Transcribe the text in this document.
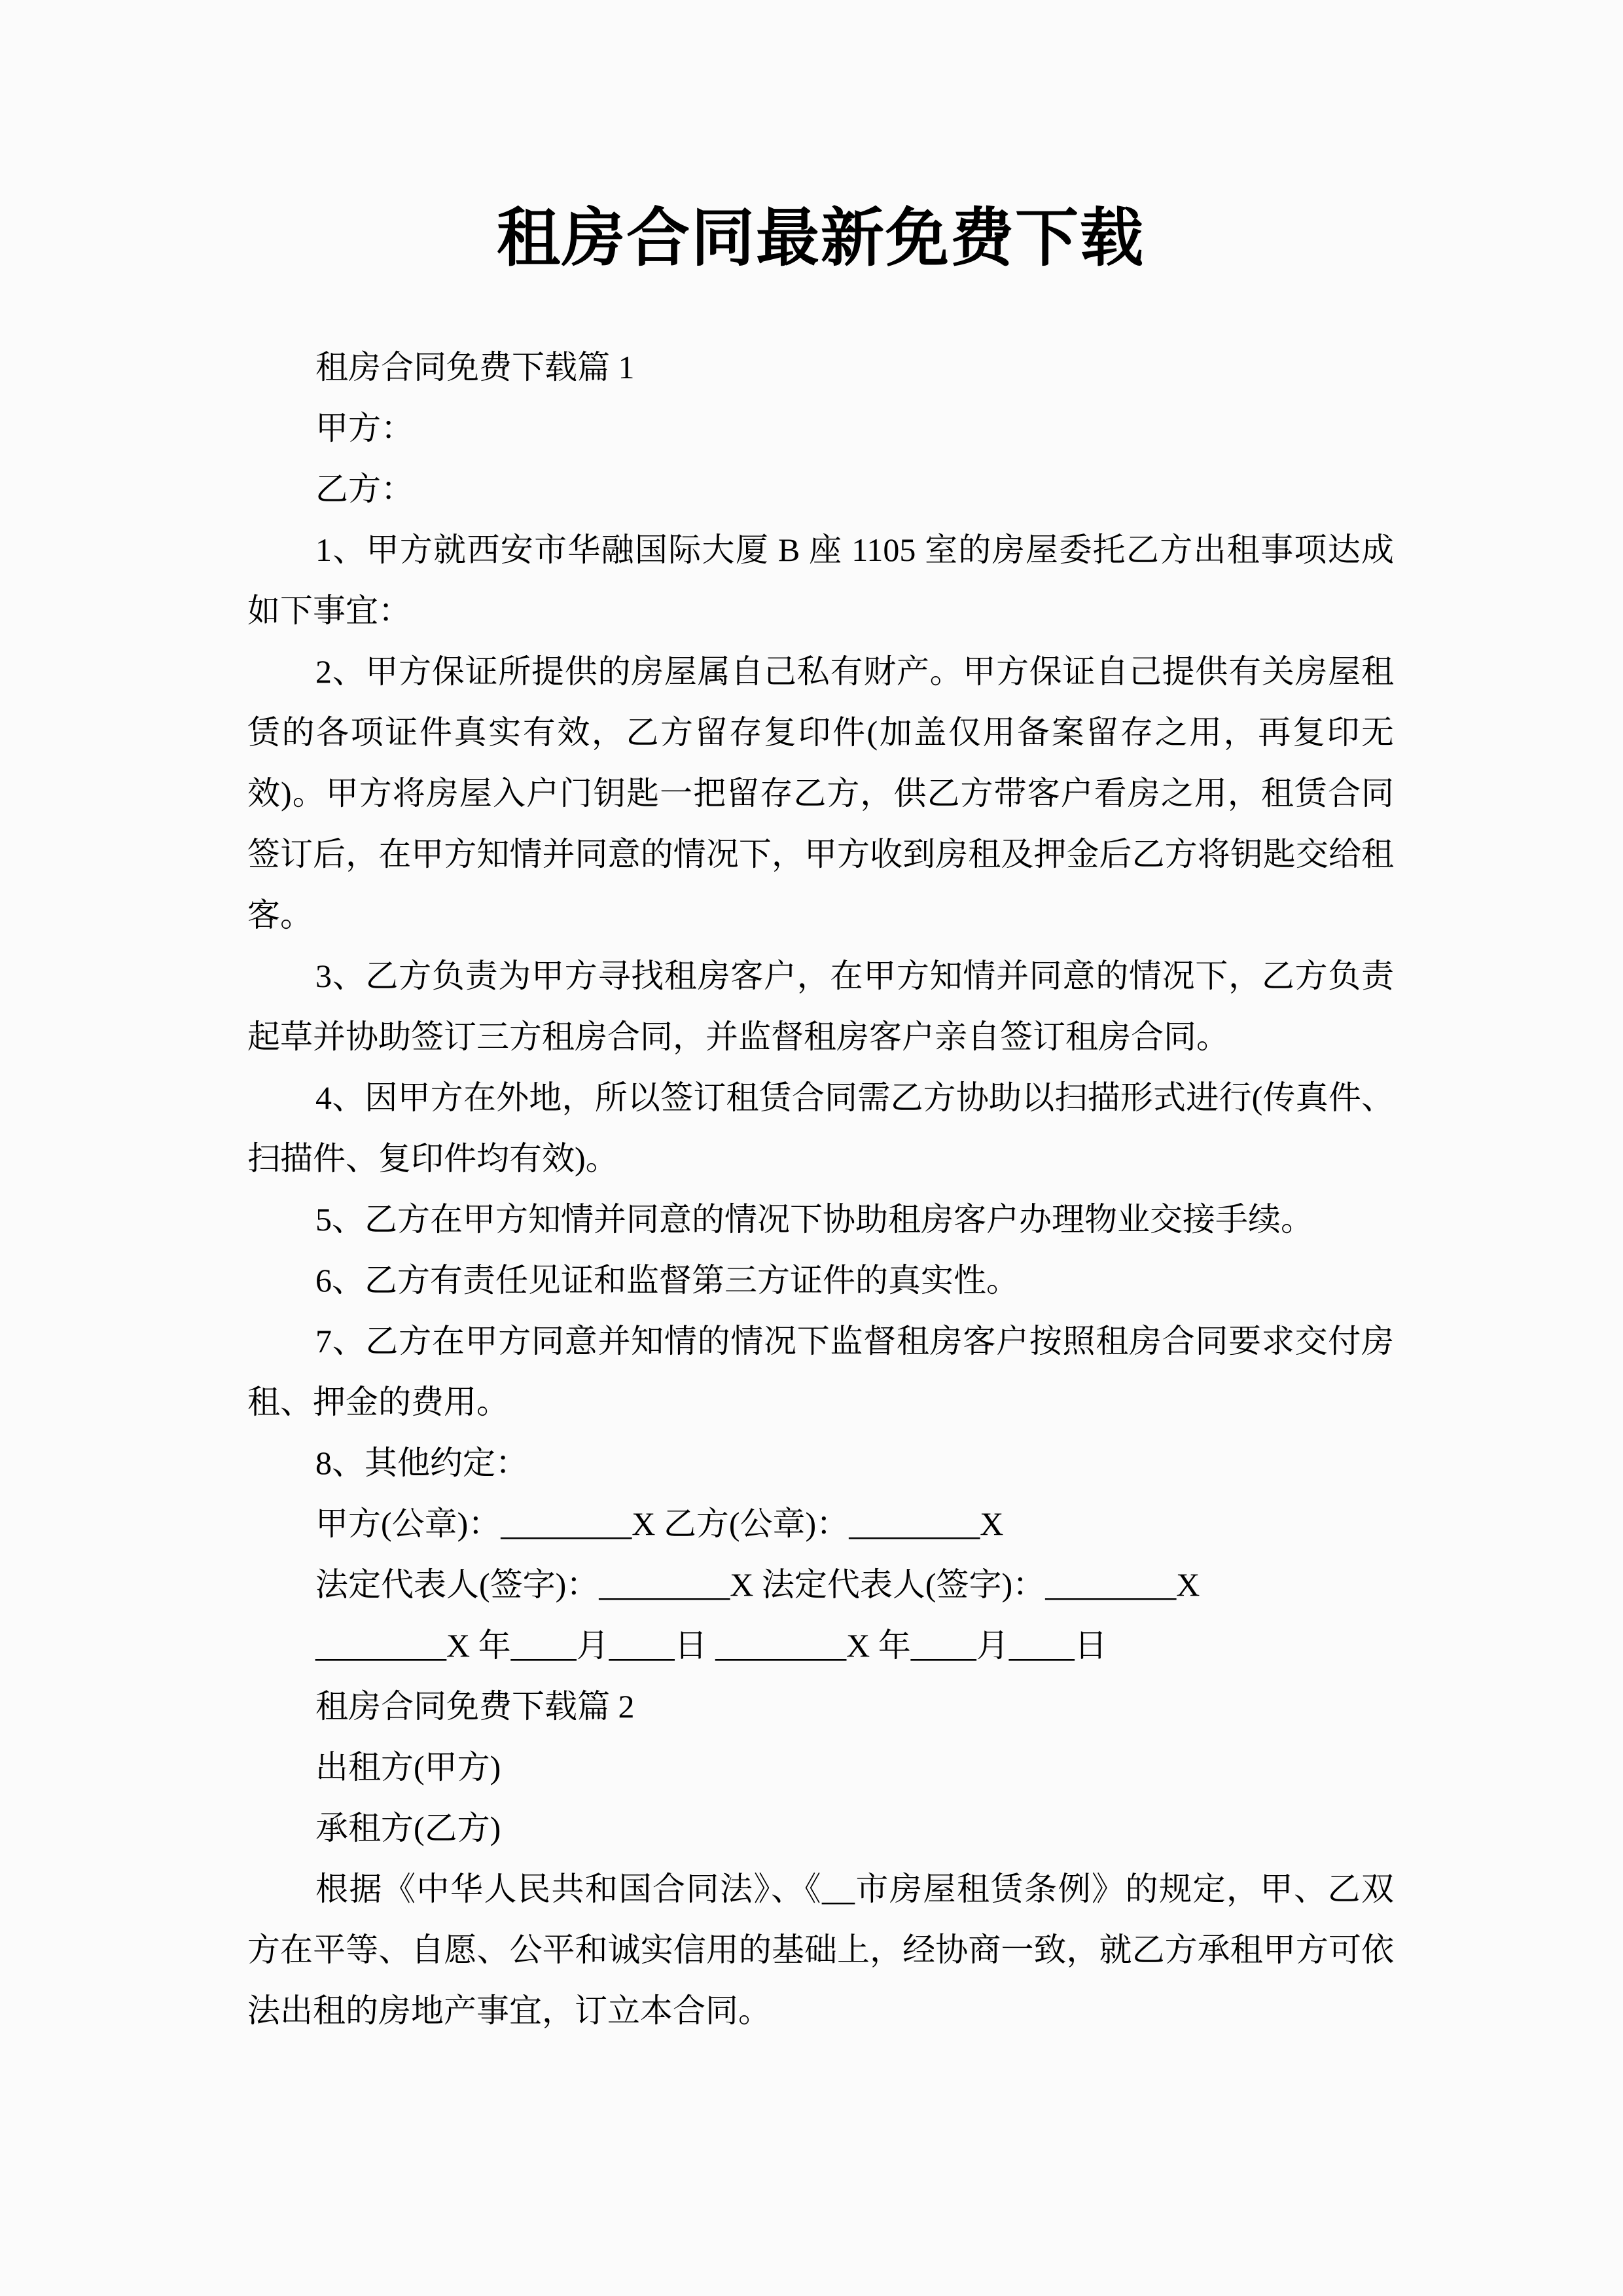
租房合同最新免费下载

租房合同免费下载篇 1

甲方：

乙方：

1、甲方就西安市华融国际大厦 B 座 1105 室的房屋委托乙方出租事项达成如下事宜：

2、甲方保证所提供的房屋属自己私有财产。甲方保证自己提供有关房屋租赁的各项证件真实有效，乙方留存复印件(加盖仅用备案留存之用，再复印无效)。甲方将房屋入户门钥匙一把留存乙方，供乙方带客户看房之用，租赁合同签订后，在甲方知情并同意的情况下，甲方收到房租及押金后乙方将钥匙交给租客。

3、乙方负责为甲方寻找租房客户，在甲方知情并同意的情况下，乙方负责起草并协助签订三方租房合同，并监督租房客户亲自签订租房合同。

4、因甲方在外地，所以签订租赁合同需乙方协助以扫描形式进行(传真件、扫描件、复印件均有效)。

5、乙方在甲方知情并同意的情况下协助租房客户办理物业交接手续。

6、乙方有责任见证和监督第三方证件的真实性。

7、乙方在甲方同意并知情的情况下监督租房客户按照租房合同要求交付房租、押金的费用。

8、其他约定：

甲方(公章)：________X 乙方(公章)：________X

法定代表人(签字)：________X 法定代表人(签字)：________X

________X 年____月____日 ________X 年____月____日

租房合同免费下载篇 2

出租方(甲方)

承租方(乙方)

根据《中华人民共和国合同法》、《__市房屋租赁条例》的规定，甲、乙双方在平等、自愿、公平和诚实信用的基础上，经协商一致，就乙方承租甲方可依法出租的房地产事宜，订立本合同。
